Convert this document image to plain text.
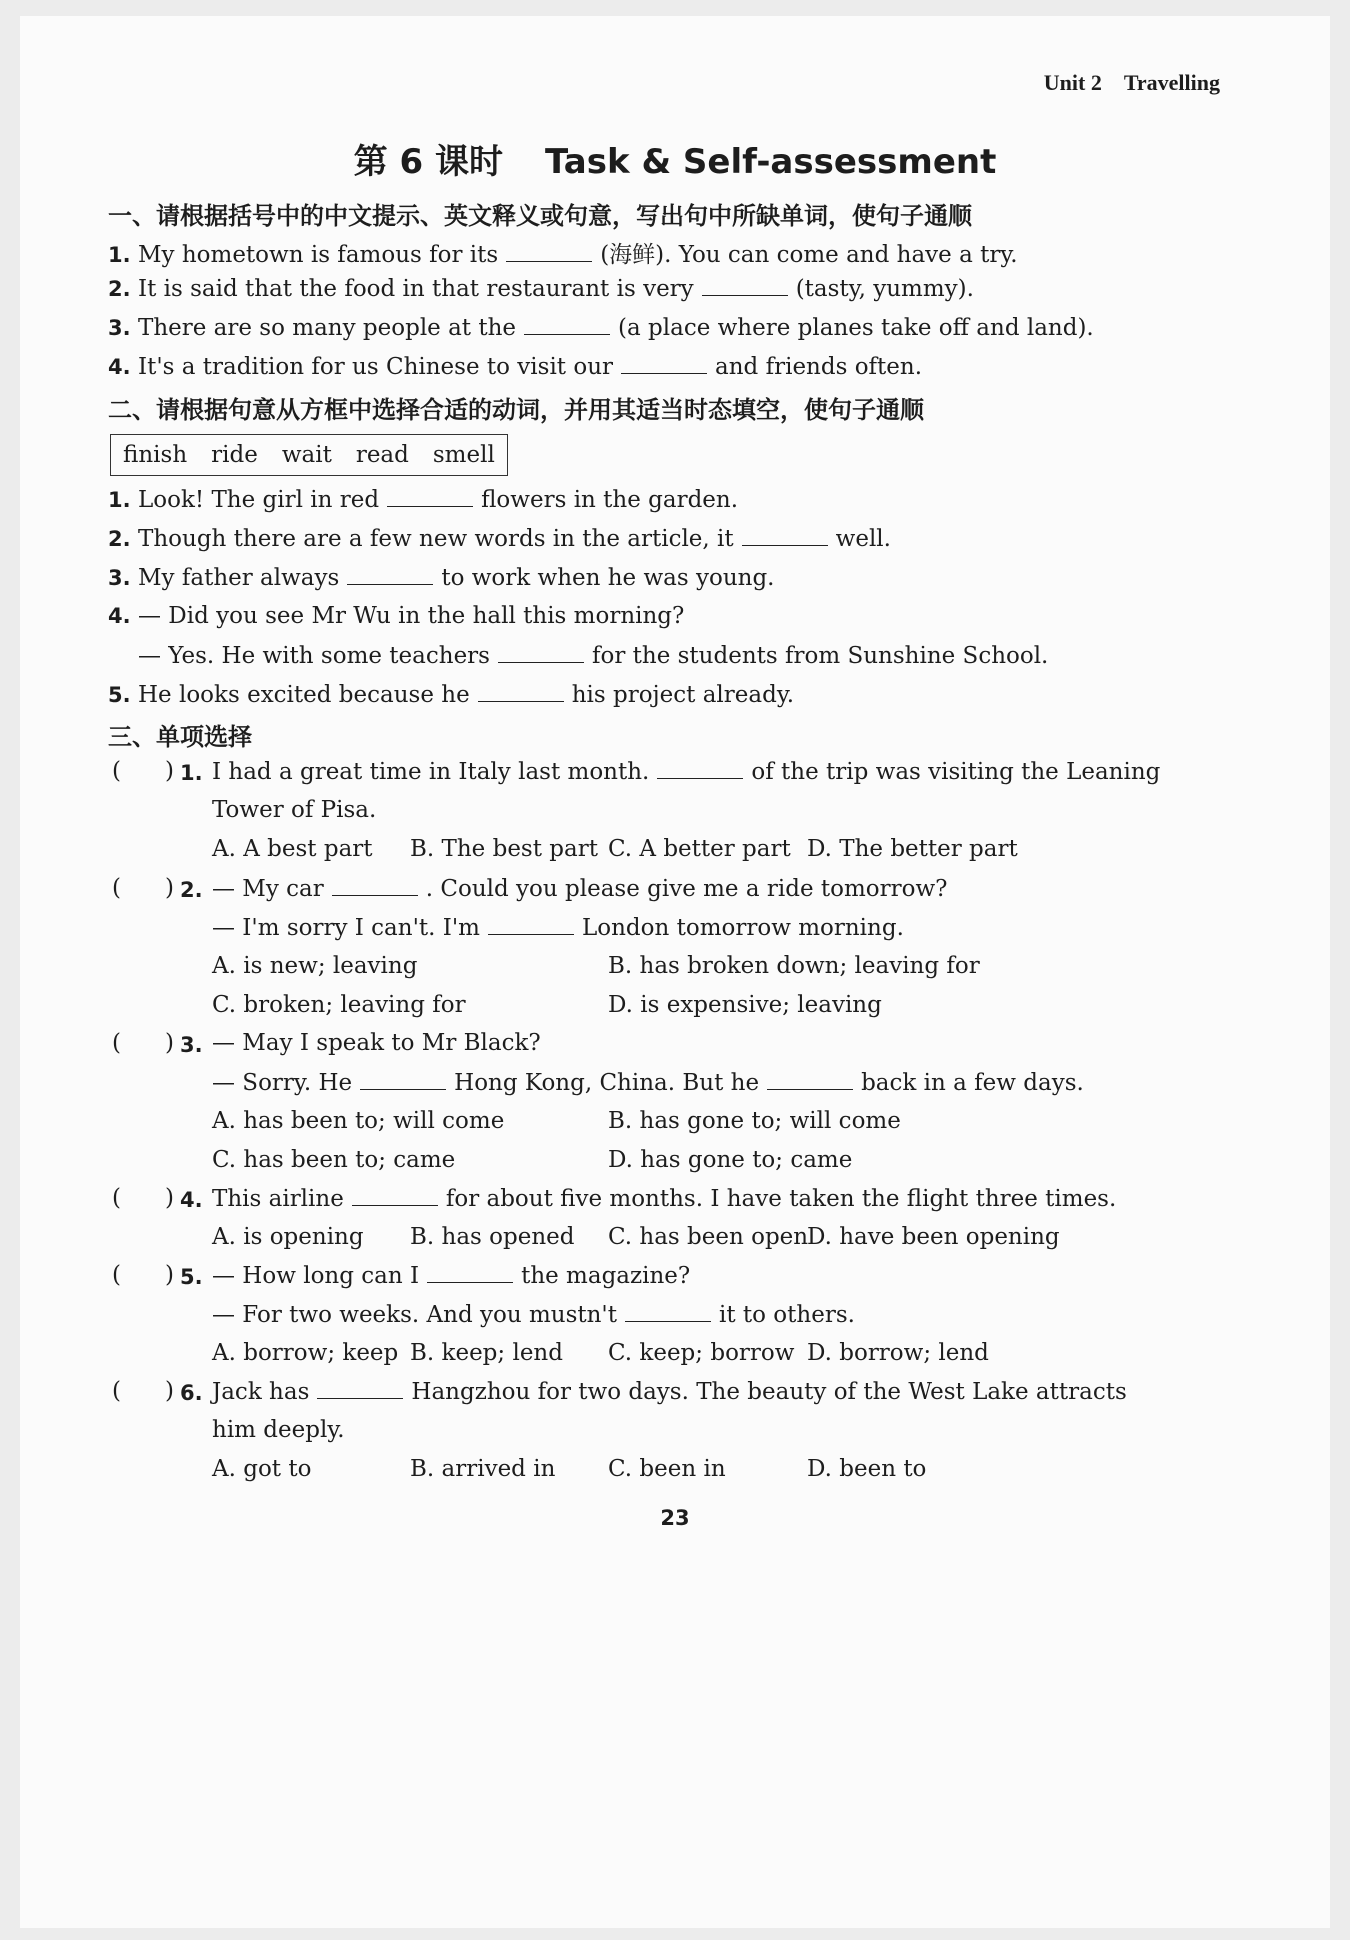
Unit 2 Travelling
第 6 课时 Task & Self-assessment
一、请根据括号中的中文提示、英文释义或句意，写出句中所缺单词，使句子通顺
1. My hometown is famous for its	(海鲜). You can come and have a try.
2. It is said that the food in that restaurant is very	(tasty, yummy).
3. There are so many people at the	(a place where planes take off and land).
4. It's a tradition for us Chinese to visit our	and friends often.
二、请根据句意从方框中选择合适的动词，并用其适当时态填空，使句子通顺
finish ride wait read smell
1. Look! The girl in red	flowers in the garden.
2. Though there are a few new words in the article, it	well.
3. My father always	to work when he was young.
4. — Did you see Mr Wu in the hall this morning?
— Yes. He with some teachers	for the students from Sunshine School.
5. He looks excited because he	his project already.
三、单项选择
( ) 1. I had a great time in Italy last month.	of the trip was visiting the Leaning
Tower of Pisa.
A. A best part B. The best part C. A better part D. The better part
( ) 2. — My car	. Could you please give me a ride tomorrow?
— I'm sorry I can't. I'm	London tomorrow morning.
A. is new; leaving	B. has broken down; leaving for
C. broken; leaving for	D. is expensive; leaving
( ) 3. — May I speak to Mr Black?
— Sorry. He	Hong Kong, China. But he	back in a few days.
A. has been to; will come	B. has gone to; will come
C. has been to; came	D. has gone to; came
( ) 4. This airline	for about five months. I have taken the flight three times.
A. is opening B. has opened C. has been open
D. have been opening
( ) 5. — How long can I	the magazine?
— For two weeks. And you mustn't	it to others.
A. borrow; keep B. keep; lend C. keep; borrow D. borrow; lend
( ) 6. Jack has	Hangzhou for two days. The beauty of the West Lake attracts
him deeply.
A. got to	B. arrived in C. been in	D. been to
23
